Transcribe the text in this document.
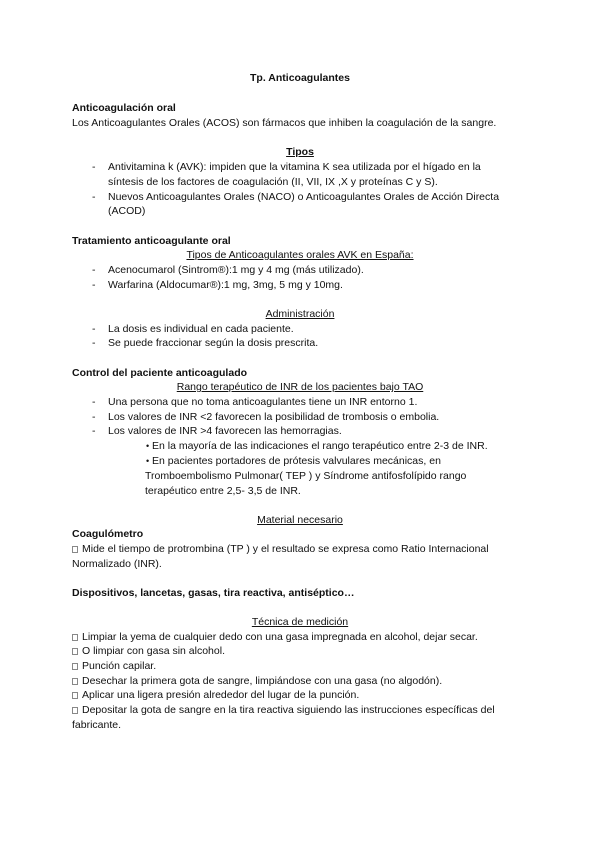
Tp. Anticoagulantes
Anticoagulación oral
Los Anticoagulantes Orales (ACOS) son fármacos que inhiben la coagulación de la sangre.
Tipos
- Antivitamina k (AVK): impiden que la vitamina K sea utilizada por el hígado en la
síntesis de los factores de coagulación (II, VII, IX ,X y proteínas C y S).
- Nuevos Anticoagulantes Orales (NACO) o Anticoagulantes Orales de Acción Directa
(ACOD)
Tratamiento anticoagulante oral
Tipos de Anticoagulantes orales AVK en España:
- Acenocumarol (Sintrom®):1 mg y 4 mg (más utilizado).
- Warfarina (Aldocumar®):1 mg, 3mg, 5 mg y 10mg.
Administración
- La dosis es individual en cada paciente.
- Se puede fraccionar según la dosis prescrita.
Control del paciente anticoagulado
Rango terapéutico de INR de los pacientes bajo TAO
- Una persona que no toma anticoagulantes tiene un INR entorno 1.
- Los valores de INR <2 favorecen la posibilidad de trombosis o embolia.
- Los valores de INR >4 favorecen las hemorragias.
• En la mayoría de las indicaciones el rango terapéutico entre 2-3 de INR.
• En pacientes portadores de prótesis valvulares mecánicas, en
Tromboembolismo Pulmonar( TEP ) y Síndrome antifosfolípido rango
terapéutico entre 2,5- 3,5 de INR.
Material necesario
Coagulómetro
Mide el tiempo de protrombina (TP ) y el resultado se expresa como Ratio Internacional
Normalizado (INR).
Dispositivos, lancetas, gasas, tira reactiva, antiséptico…
Técnica de medición
Limpiar la yema de cualquier dedo con una gasa impregnada en alcohol, dejar secar.
O limpiar con gasa sin alcohol.
Punción capilar.
Desechar la primera gota de sangre, limpiándose con una gasa (no algodón).
Aplicar una ligera presión alrededor del lugar de la punción.
Depositar la gota de sangre en la tira reactiva siguiendo las instrucciones específicas del
fabricante.
